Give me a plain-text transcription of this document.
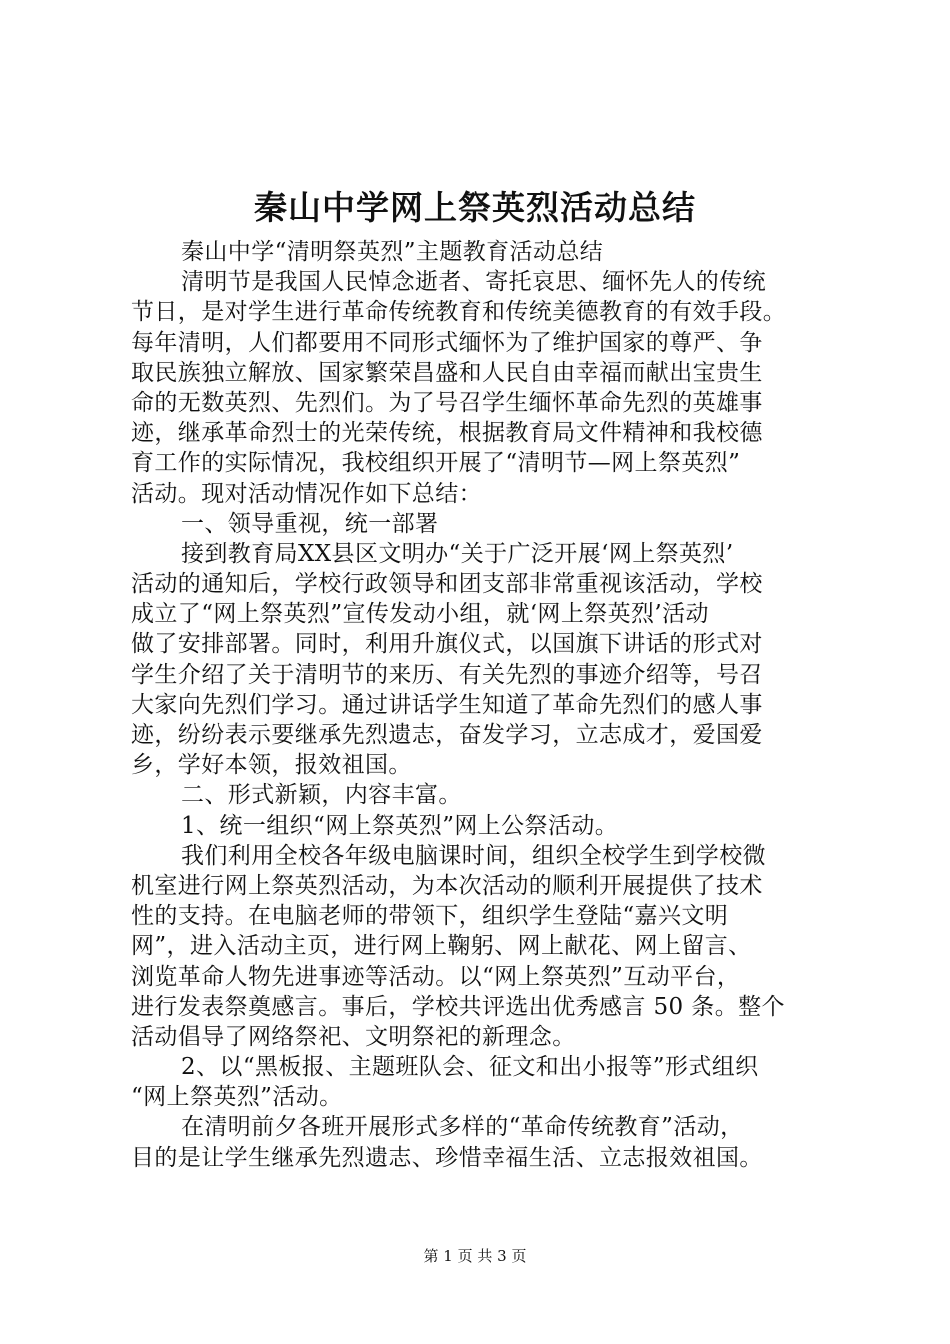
秦山中学网上祭英烈活动总结
秦山中学“清明祭英烈”主题教育活动总结
清明节是我国人民悼念逝者、寄托哀思、缅怀先人的传统
节日，是对学生进行革命传统教育和传统美德教育的有效手段。
每年清明，人们都要用不同形式缅怀为了维护国家的尊严、争
取民族独立解放、国家繁荣昌盛和人民自由幸福而献出宝贵生
命的无数英烈、先烈们。为了号召学生缅怀革命先烈的英雄事
迹，继承革命烈士的光荣传统，根据教育局文件精神和我校德
育工作的实际情况，我校组织开展了“清明节—网上祭英烈”
活动。现对活动情况作如下总结：
一、领导重视，统一部署
接到教育局XX县区文明办“关于广泛开展‘网上祭英烈’
活动的通知后，学校行政领导和团支部非常重视该活动，学校
成立了“网上祭英烈”宣传发动小组，就‘网上祭英烈’活动
做了安排部署。同时，利用升旗仪式，以国旗下讲话的形式对
学生介绍了关于清明节的来历、有关先烈的事迹介绍等，号召
大家向先烈们学习。通过讲话学生知道了革命先烈们的感人事
迹，纷纷表示要继承先烈遗志，奋发学习，立志成才，爱国爱
乡，学好本领，报效祖国。
二、形式新颖，内容丰富。
1、统一组织“网上祭英烈”网上公祭活动。
我们利用全校各年级电脑课时间，组织全校学生到学校微
机室进行网上祭英烈活动，为本次活动的顺利开展提供了技术
性的支持。在电脑老师的带领下，组织学生登陆“嘉兴文明
网”，进入活动主页，进行网上鞠躬、网上献花、网上留言、
浏览革命人物先进事迹等活动。以“网上祭英烈”互动平台，
进行发表祭奠感言。事后，学校共评选出优秀感言 50 条。整个
活动倡导了网络祭祀、文明祭祀的新理念。
2、以“黑板报、主题班队会、征文和出小报等”形式组织
“网上祭英烈”活动。
在清明前夕各班开展形式多样的“革命传统教育”活动，
目的是让学生继承先烈遗志、珍惜幸福生活、立志报效祖国。
第 1 页 共 3 页
